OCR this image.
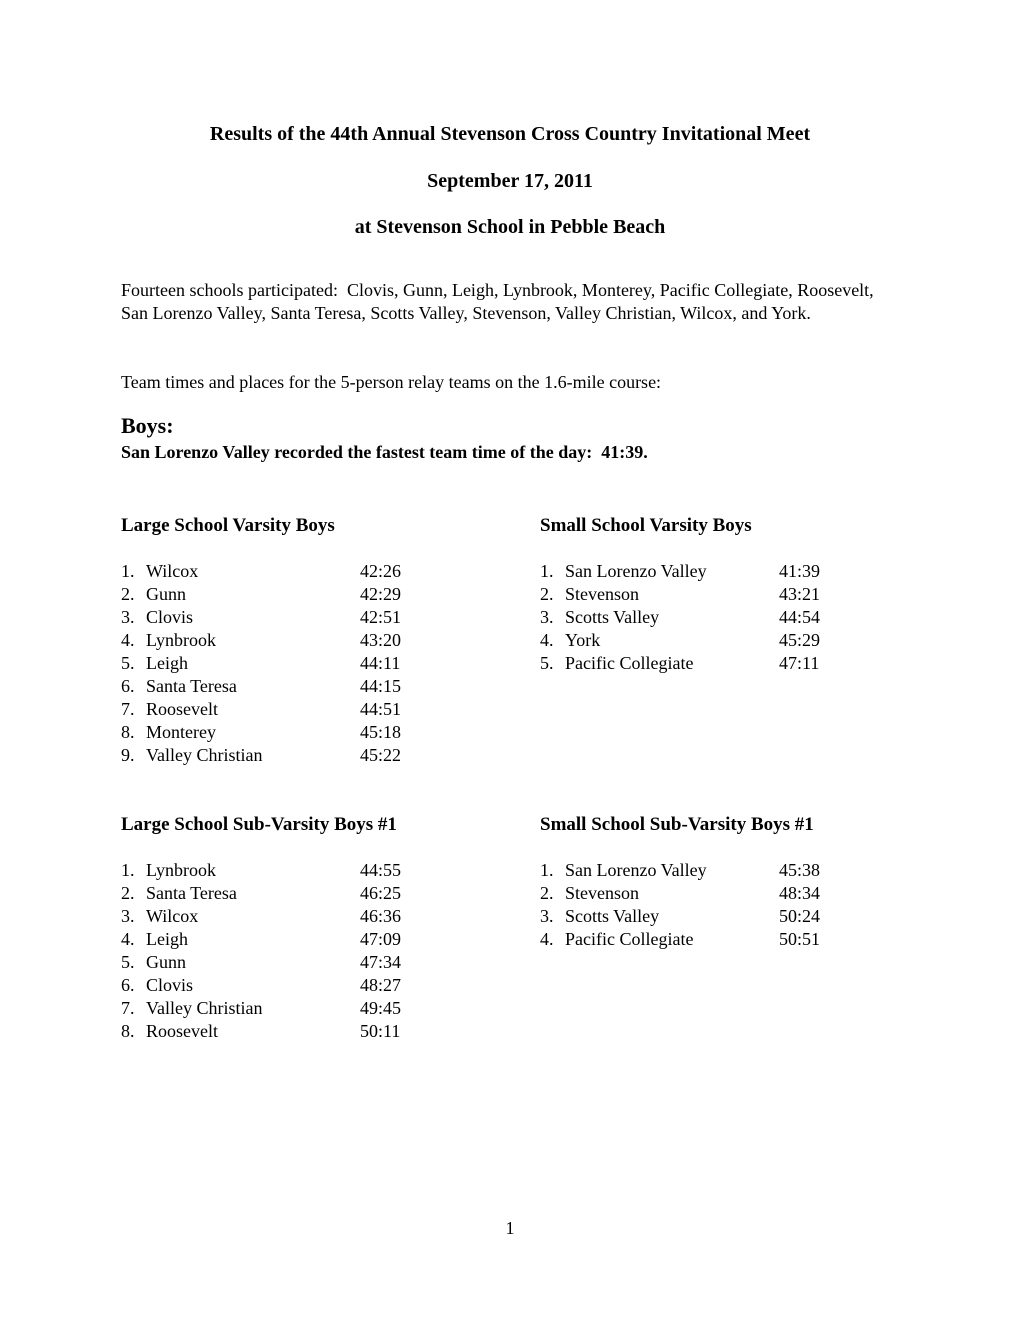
Results of the 44th Annual Stevenson Cross Country Invitational Meet
September 17, 2011
at Stevenson School in Pebble Beach
Fourteen schools participated:  Clovis, Gunn, Leigh, Lynbrook, Monterey, Pacific Collegiate, Roosevelt, San Lorenzo Valley, Santa Teresa, Scotts Valley, Stevenson, Valley Christian, Wilcox, and York.
Team times and places for the 5-person relay teams on the 1.6-mile course:
Boys:
San Lorenzo Valley recorded the fastest team time of the day:  41:39.
Large School Varsity Boys
1. Wilcox	42:26
2. Gunn	42:29
3. Clovis	42:51
4. Lynbrook	43:20
5. Leigh	44:11
6. Santa Teresa	44:15
7. Roosevelt	44:51
8. Monterey	45:18
9. Valley Christian	45:22
Small School Varsity Boys
1. San Lorenzo Valley	41:39
2. Stevenson	43:21
3. Scotts Valley	44:54
4. York	45:29
5. Pacific Collegiate	47:11
Large School Sub-Varsity Boys #1
1. Lynbrook	44:55
2. Santa Teresa	46:25
3. Wilcox	46:36
4. Leigh	47:09
5. Gunn	47:34
6. Clovis	48:27
7. Valley Christian	49:45
8. Roosevelt	50:11
Small School Sub-Varsity Boys #1
1. San Lorenzo Valley	45:38
2. Stevenson	48:34
3. Scotts Valley	50:24
4. Pacific Collegiate	50:51
1
